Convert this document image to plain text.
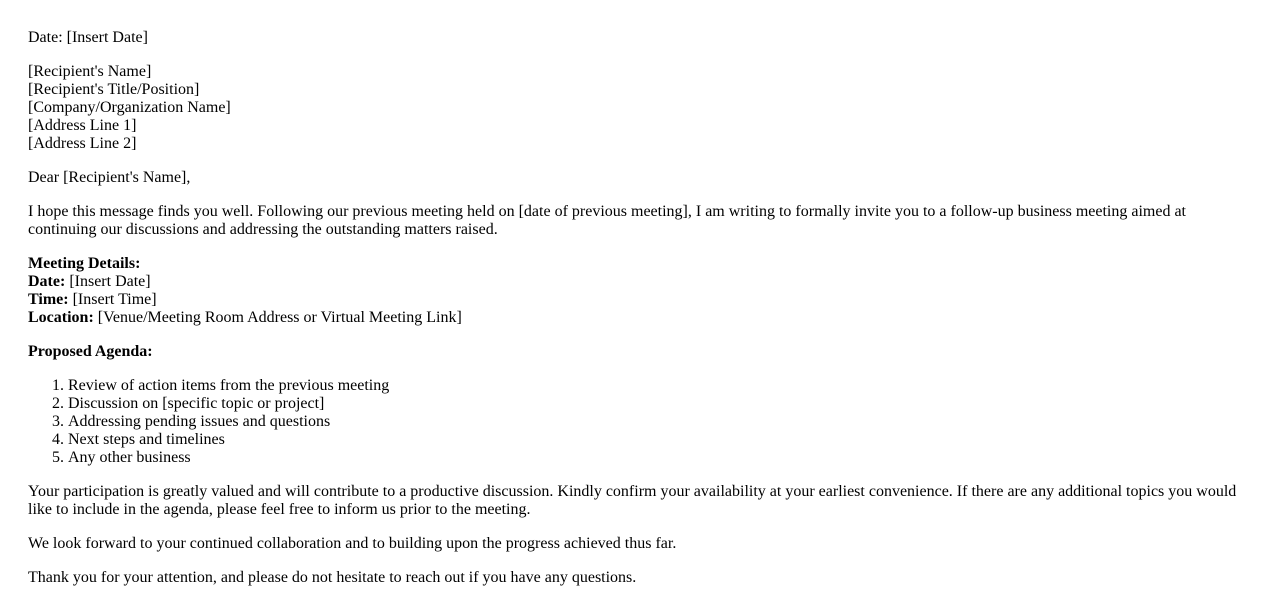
Date: [Insert Date]

[Recipient's Name]
[Recipient's Title/Position]
[Company/Organization Name]
[Address Line 1]
[Address Line 2]

Dear [Recipient's Name],

I hope this message finds you well. Following our previous meeting held on [date of previous meeting], I am writing to formally invite you to a follow-up business meeting aimed at continuing our discussions and addressing the outstanding matters raised.

Meeting Details:
Date: [Insert Date]
Time: [Insert Time]
Location: [Venue/Meeting Room Address or Virtual Meeting Link]

Proposed Agenda:

1. Review of action items from the previous meeting
2. Discussion on [specific topic or project]
3. Addressing pending issues and questions
4. Next steps and timelines
5. Any other business

Your participation is greatly valued and will contribute to a productive discussion. Kindly confirm your availability at your earliest convenience. If there are any additional topics you would like to include in the agenda, please feel free to inform us prior to the meeting.

We look forward to your continued collaboration and to building upon the progress achieved thus far.

Thank you for your attention, and please do not hesitate to reach out if you have any questions.
